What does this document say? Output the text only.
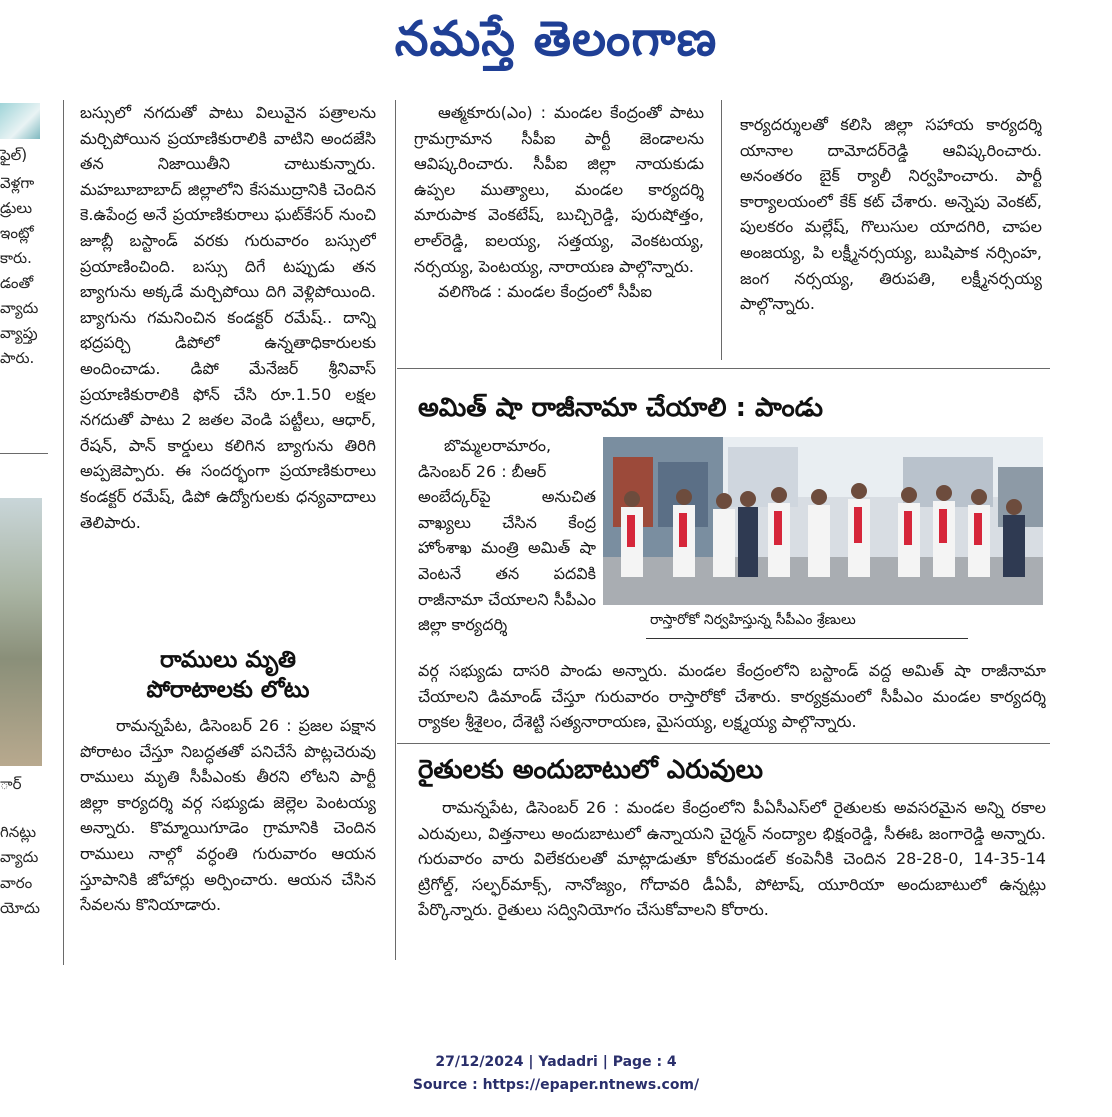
నమస్తే తెలంగాణ
ఫైల్)
వెళ్లగా
డ్రులు
ఇంట్లో
కారు.
డంతో
వ్యాదు
వ్యాప్తు
పారు.
ార్
గినట్లు
వ్యాదు
వారం
యోదు

బస్సులో నగదుతో పాటు విలువైన పత్రాలను మర్చిపోయిన ప్రయాణికురాలికి వాటిని అందజేసి తన నిజాయితీని చాటుకున్నారు. మహబూబాబాద్ జిల్లాలోని కేసముద్రానికి చెందిన కె.ఉపేంద్ర అనే ప్రయాణికురాలు ఘట్‌కేసర్ నుంచి జూబ్లీ బస్టాండ్ వరకు గురువారం బస్సులో ప్రయాణించింది. బస్సు దిగే టప్పుడు తన బ్యాగును అక్కడే మర్చిపోయి దిగి వెళ్లిపోయింది. బ్యాగును గమనించిన కండక్టర్ రమేష్.. దాన్ని భద్రపర్చి డిపోలో ఉన్నతాధికారులకు అందించాడు. డిపో మేనేజర్ శ్రీనివాస్ ప్రయాణికురాలికి ఫోన్ చేసి రూ.1.50 లక్షల నగదుతో పాటు 2 జతల వెండి పట్టీలు, ఆధార్, రేషన్, పాన్ కార్డులు కలిగిన బ్యాగును తిరిగి అప్పజెప్పారు. ఈ సందర్భంగా ప్రయాణికురాలు కండక్టర్ రమేష్, డిపో ఉద్యోగులకు ధన్యవాదాలు తెలిపారు.

రాములు మృతి
పోరాటాలకు లోటు

రామన్నపేట, డిసెంబర్ 26 : ప్రజల పక్షాన పోరాటం చేస్తూ నిబద్ధతతో పనిచేసే పొట్లచెరువు రాములు మృతి సీపీఎంకు తీరని లోటని పార్టీ జిల్లా కార్యదర్శి వర్గ సభ్యుడు జెల్లెల పెంటయ్య అన్నారు. కొమ్మాయిగూడెం గ్రామానికి చెందిన రాములు నాల్గో వర్ధంతి గురువారం ఆయన స్తూపానికి జోహార్లు అర్పించారు. ఆయన చేసిన సేవలను కొనియాడారు.

ఆత్మకూరు(ఎం) : మండల కేంద్రంతో పాటు గ్రామగ్రామాన సీపీఐ పార్టీ జెండాలను ఆవిష్కరించారు. సీపీఐ జిల్లా నాయకుడు ఉప్పల ముత్యాలు, మండల కార్యదర్శి మారుపాక వెంకటేష్, బుచ్చిరెడ్డి, పురుషోత్తం, లాల్‌రెడ్డి, ఐలయ్య, సత్తయ్య, వెంకటయ్య, నర్సయ్య, పెంటయ్య, నారాయణ పాల్గొన్నారు.

వలిగొండ : మండల కేంద్రంలో సీపీఐ

కార్యదర్శులతో కలిసి జిల్లా సహాయ కార్యదర్శి యానాల దామోదర్‌రెడ్డి ఆవిష్కరించారు. అనంతరం బైక్ ర్యాలీ నిర్వహించారు. పార్టీ కార్యాలయంలో కేక్ కట్ చేశారు. అన్నెపు వెంకట్, పులకరం మల్లేష్, గొలుసుల యాదగిరి, చాపల అంజయ్య, పి లక్ష్మీనర్సయ్య, బుషిపాక నర్సింహ, జంగ నర్సయ్య, తిరుపతి, లక్ష్మీనర్సయ్య పాల్గొన్నారు.

అమిత్ షా రాజీనామా చేయాలి : పాండు

బొమ్మలరామారం,

డిసెంబర్ 26 : బీఆర్

అంబేద్కర్‌పై అనుచిత వాఖ్యలు చేసిన కేంద్ర హోంశాఖ మంత్రి అమిత్ షా వెంటనే తన పదవికి రాజీనామా చేయాలని సీపీఎం జిల్లా కార్యదర్శి	రాస్తారోకో నిర్వహిస్తున్న సీపీఎం శ్రేణులు

వర్గ సభ్యుడు దాసరి పాండు అన్నారు. మండల కేంద్రంలోని బస్టాండ్ వద్ద అమిత్ షా రాజీనామా చేయాలని డిమాండ్ చేస్తూ గురువారం రాస్తారోకో చేశారు. కార్యక్రమంలో సీపీఎం మండల కార్యదర్శి ర్యాకల శ్రీశైలం, దేశెట్టి సత్యనారాయణ, మైసయ్య, లక్ష్మయ్య పాల్గొన్నారు.

రైతులకు అందుబాటులో ఎరువులు

రామన్నపేట, డిసెంబర్ 26 : మండల కేంద్రంలోని పీఏసీఎస్‌లో రైతులకు అవసరమైన అన్ని రకాల ఎరువులు, విత్తనాలు అందుబాటులో ఉన్నాయని చైర్మన్ నంద్యాల భిక్షంరెడ్డి, సీఈఓ జంగారెడ్డి అన్నారు. గురువారం వారు విలేకరులతో మాట్లాడుతూ కోరమండల్ కంపెనీకి చెందిన 28-28-0, 14-35-14 ట్రిగోల్డ్, సల్ఫర్‌మాక్స్, నానోజ్యం, గోదావరి డీఏపీ, పోటాష్, యూరియా అందుబాటులో ఉన్నట్లు పేర్కొన్నారు. రైతులు సద్వినియోగం చేసుకోవాలని కోరారు.

27/12/2024 | Yadadri | Page : 4
Source : https://epaper.ntnews.com/
